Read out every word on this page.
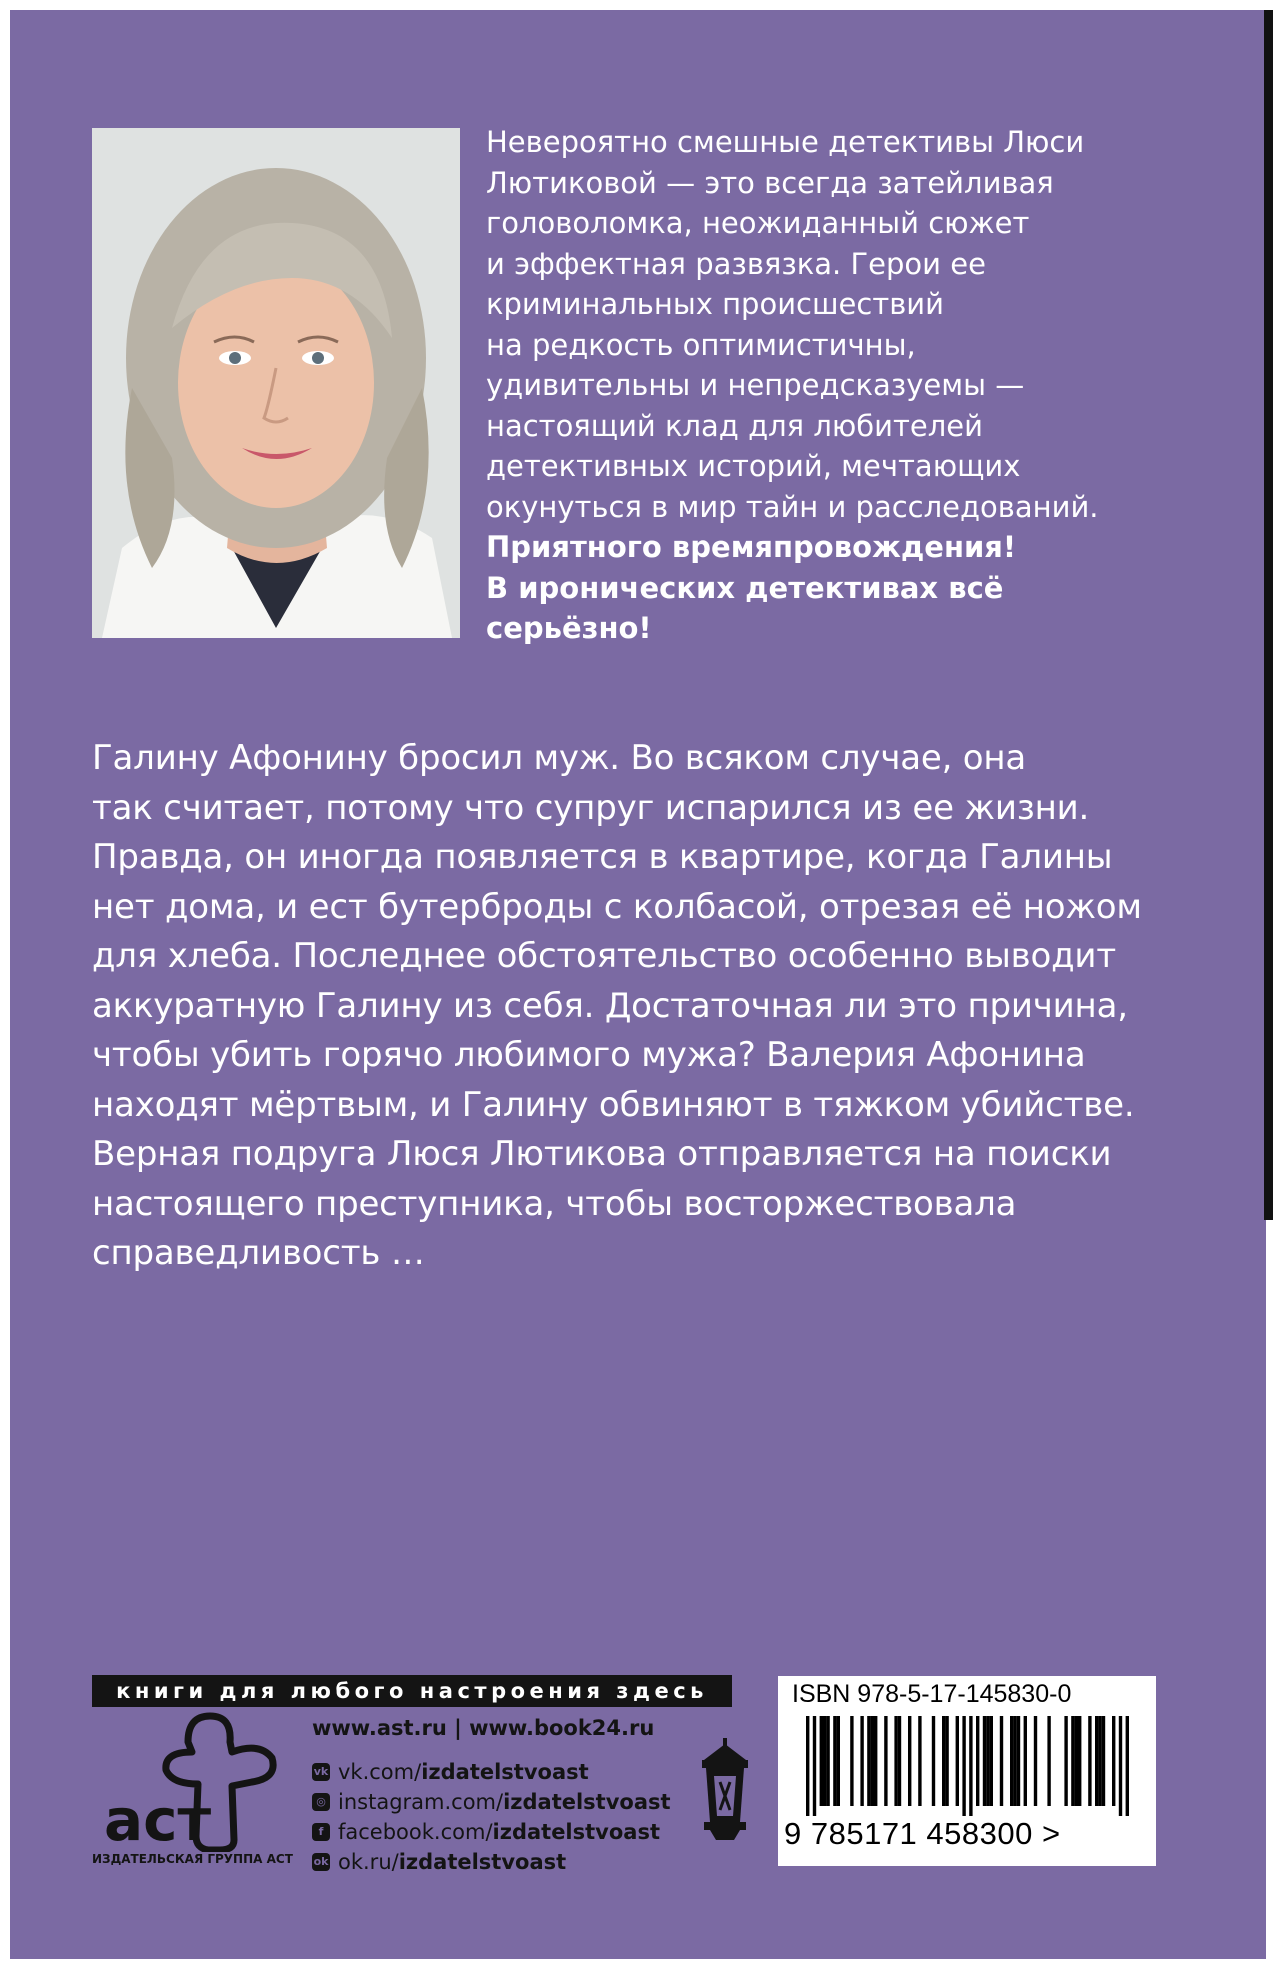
Невероятно смешные детективы Люси

Лютиковой — это всегда затейливая

головоломка, неожиданный сюжет

и эффектная развязка. Герои ее

криминальных происшествий

на редкость оптимистичны,

удивительны и непредсказуемы —

настоящий клад для любителей

детективных историй, мечтающих

окунуться в мир тайн и расследований.

Приятного времяпровождения!

В иронических детективах всё

серьёзно!

Галину Афонину бросил муж. Во всяком случае, она

так считает, потому что супруг испарился из ее жизни.

Правда, он иногда появляется в квартире, когда Галины

нет дома, и ест бутерброды с колбасой, отрезая её ножом

для хлеба. Последнее обстоятельство особенно выводит

аккуратную Галину из себя. Достаточная ли это причина,

чтобы убить горячо любимого мужа? Валерия Афонина

находят мёртвым, и Галину обвиняют в тяжком убийстве.

Верная подруга Люся Лютикова отправляется на поиски

настоящего преступника, чтобы восторжествовала

справедливость …

книги для любого настроения здесь
аст
ИЗДАТЕЛЬСКАЯ ГРУППА АСТ
www.ast.ru | www.book24.ru
vk vk.com/ izdatelstvoast
◎ instagram.com/ izdatelstvoast
f facebook.com/ izdatelstvoast
ok ok.ru/ izdatelstvoast
ISBN 978-5-17-145830-0
9 785171 458300 >
